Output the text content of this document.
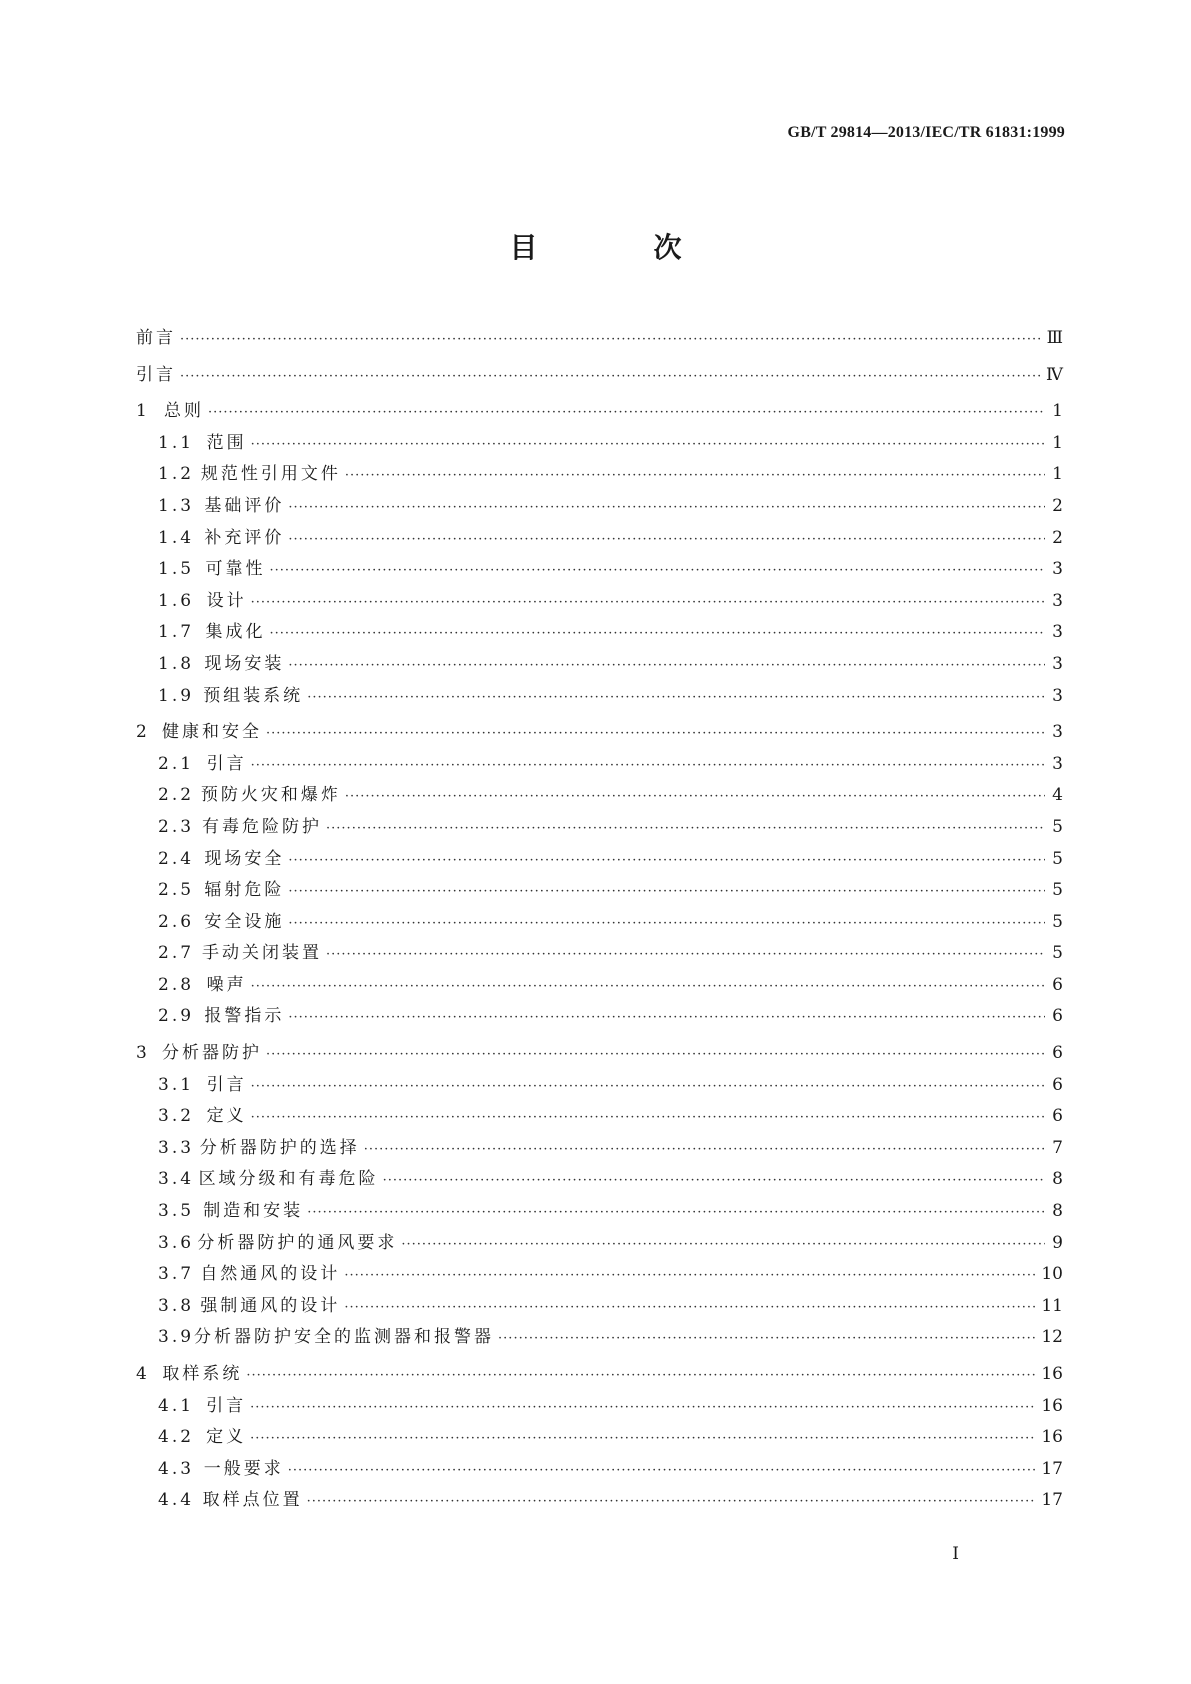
GB/T 29814—2013/IEC/TR 61831:1999
目　次
前言 ·····	Ⅲ
引言 ·····	Ⅳ
1 总则 ·····	1
1.1 范围 ·····	1
1.2 规范性引用文件 ·····	1
1.3 基础评价 ·····	2
1.4 补充评价 ·····	2
1.5 可靠性 ·····	3
1.6 设计 ·····	3
1.7 集成化 ·····	3
1.8 现场安装 ·····	3
1.9 预组装系统 ·····	3
2 健康和安全 ·····	3
2.1 引言 ·····	3
2.2 预防火灾和爆炸 ·····	4
2.3 有毒危险防护 ·····	5
2.4 现场安全 ·····	5
2.5 辐射危险 ·····	5
2.6 安全设施 ·····	5
2.7 手动关闭装置 ·····	5
2.8 噪声 ·····	6
2.9 报警指示 ·····	6
3 分析器防护 ·····	6
3.1 引言 ·····	6
3.2 定义 ·····	6
3.3 分析器防护的选择 ·····	7
3.4 区域分级和有毒危险 ·····	8
3.5 制造和安装 ·····	8
3.6 分析器防护的通风要求 ·····	9
3.7 自然通风的设计 ·····	10
3.8 强制通风的设计 ·····	11
3.9 分析器防护安全的监测器和报警器 ·····	12
4 取样系统 ·····	16
4.1 引言 ·····	16
4.2 定义 ·····	16
4.3 一般要求 ·····	17
4.4 取样点位置 ·····	17
I
